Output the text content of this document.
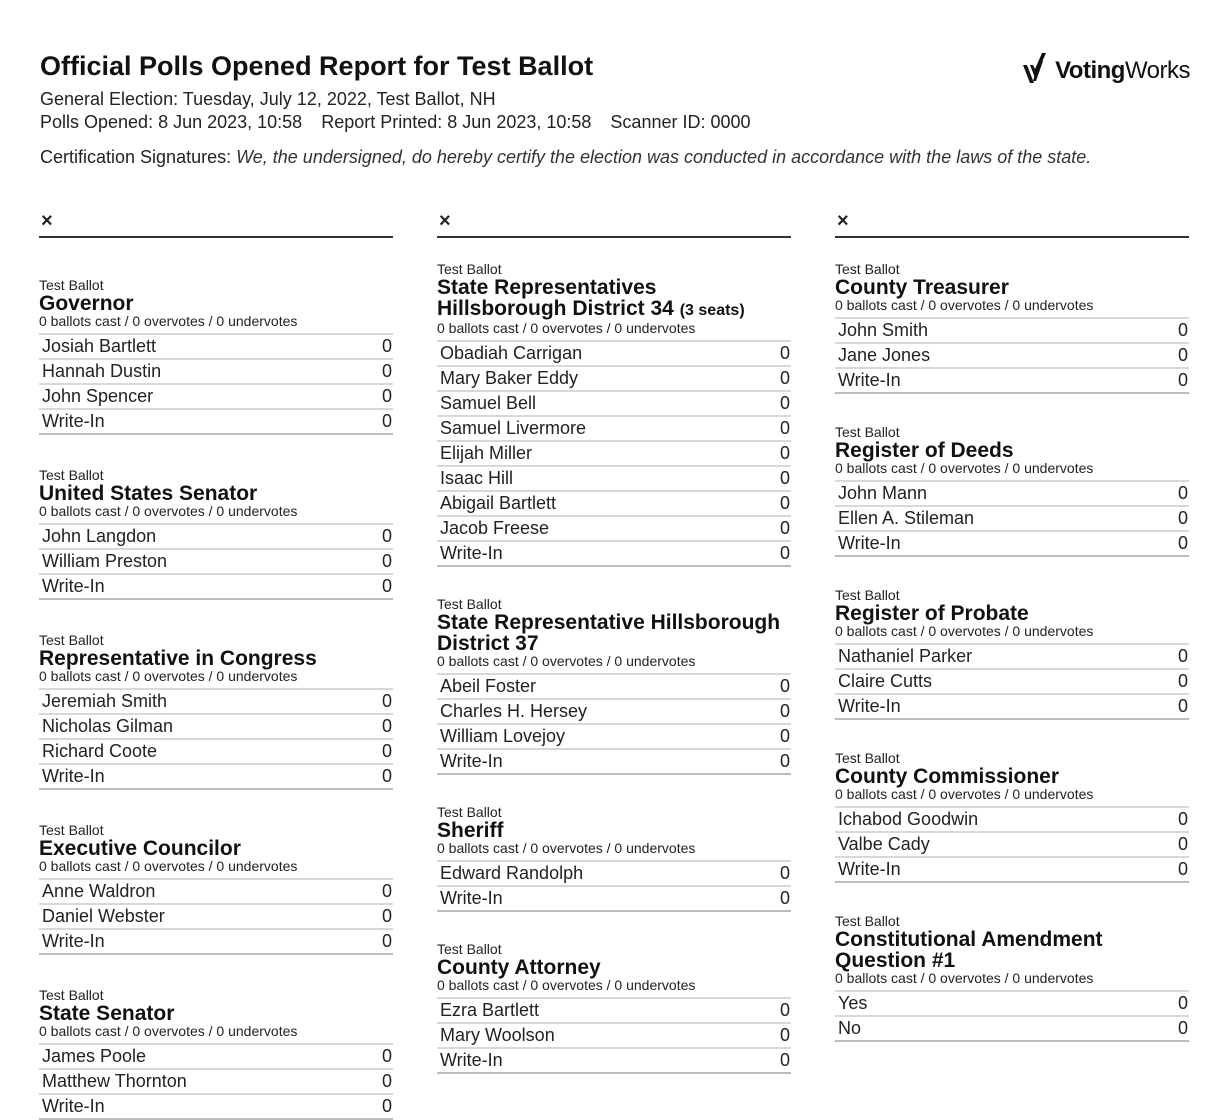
Official Polls Opened Report for Test Ballot
General Election: Tuesday, July 12, 2022, Test Ballot, NH
Polls Opened: 8 Jun 2023, 10:58 Report Printed: 8 Jun 2023, 10:58 Scanner ID: 0000
Certification Signatures: We, the undersigned, do hereby certify the election was conducted in accordance with the laws of the state.
VotingWorks
×
Test Ballot
Governor
0 ballots cast / 0 overvotes / 0 undervotes
Josiah Bartlett	0
Hannah Dustin	0
John Spencer	0
Write-In	0
Test Ballot
United States Senator
0 ballots cast / 0 overvotes / 0 undervotes
John Langdon	0
William Preston	0
Write-In	0
Test Ballot
Representative in Congress
0 ballots cast / 0 overvotes / 0 undervotes
Jeremiah Smith	0
Nicholas Gilman	0
Richard Coote	0
Write-In	0
Test Ballot
Executive Councilor
0 ballots cast / 0 overvotes / 0 undervotes
Anne Waldron	0
Daniel Webster	0
Write-In	0
Test Ballot
State Senator
0 ballots cast / 0 overvotes / 0 undervotes
James Poole	0
Matthew Thornton	0
Write-In	0
×
Test Ballot
State Representatives Hillsborough District 34 (3 seats)
0 ballots cast / 0 overvotes / 0 undervotes
Obadiah Carrigan	0
Mary Baker Eddy	0
Samuel Bell	0
Samuel Livermore	0
Elijah Miller	0
Isaac Hill	0
Abigail Bartlett	0
Jacob Freese	0
Write-In	0
Test Ballot
State Representative Hillsborough District 37
0 ballots cast / 0 overvotes / 0 undervotes
Abeil Foster	0
Charles H. Hersey	0
William Lovejoy	0
Write-In	0
Test Ballot
Sheriff
0 ballots cast / 0 overvotes / 0 undervotes
Edward Randolph	0
Write-In	0
Test Ballot
County Attorney
0 ballots cast / 0 overvotes / 0 undervotes
Ezra Bartlett	0
Mary Woolson	0
Write-In	0
×
Test Ballot
County Treasurer
0 ballots cast / 0 overvotes / 0 undervotes
John Smith	0
Jane Jones	0
Write-In	0
Test Ballot
Register of Deeds
0 ballots cast / 0 overvotes / 0 undervotes
John Mann	0
Ellen A. Stileman	0
Write-In	0
Test Ballot
Register of Probate
0 ballots cast / 0 overvotes / 0 undervotes
Nathaniel Parker	0
Claire Cutts	0
Write-In	0
Test Ballot
County Commissioner
0 ballots cast / 0 overvotes / 0 undervotes
Ichabod Goodwin	0
Valbe Cady	0
Write-In	0
Test Ballot
Constitutional Amendment Question #1
0 ballots cast / 0 overvotes / 0 undervotes
Yes	0
No	0
